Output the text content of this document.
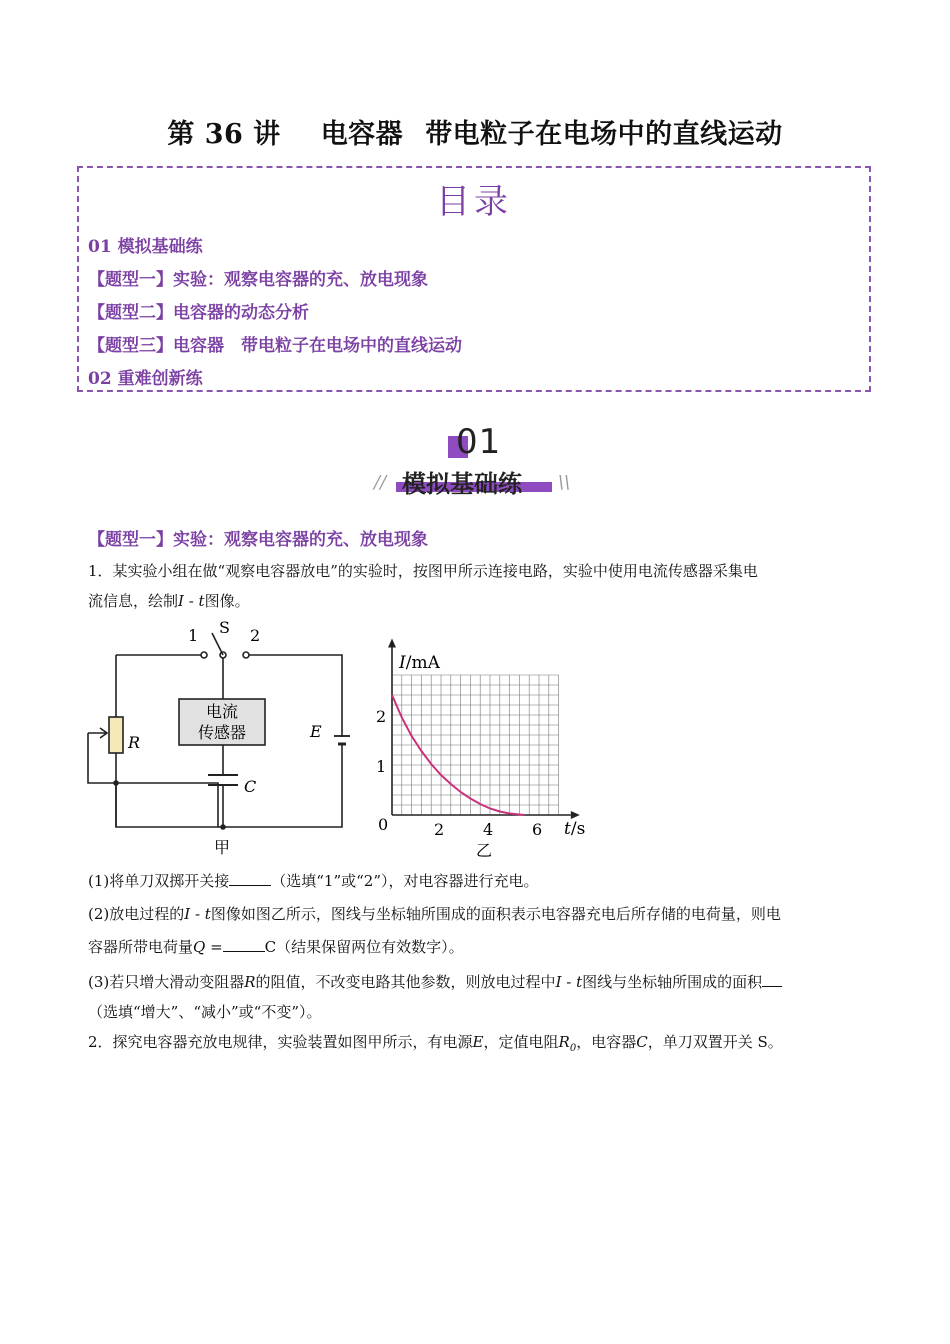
第 36 讲 电容器 带电粒子在电场中的直线运动
目录
01 模拟基础练
【题型一】实验：观察电容器的充、放电现象
【题型二】电容器的动态分析
【题型三】电容器　带电粒子在电场中的直线运动
02 重难创新练
01
模拟基础练
//	\\
【题型一】实验：观察电容器的充、放电现象
1．某实验小组在做“观察电容器放电”的实验时，按图甲所示连接电路，实验中使用电流传感器采集电
流信息，绘制I - t图像。
S
1	2
电流
传感器
R
C
E
甲
I/mA
t/s
0
1
2
2 4 6
乙
(1)将单刀双掷开关接	（选填“1”或“2”），对电容器进行充电。
(2)放电过程的I - t图像如图乙所示，图线与坐标轴所围成的面积表示电容器充电后所存储的电荷量，则电
容器所带电荷量Q =	C（结果保留两位有效数字）。
(3)若只增大滑动变阻器R的阻值，不改变电路其他参数，则放电过程中I - t图线与坐标轴所围成的面积
（选填“增大”、“减小”或“不变”）。
2．探究电容器充放电规律，实验装置如图甲所示，有电源E，定值电阻$R_0$，电容器C，单刀双置开关 S。
